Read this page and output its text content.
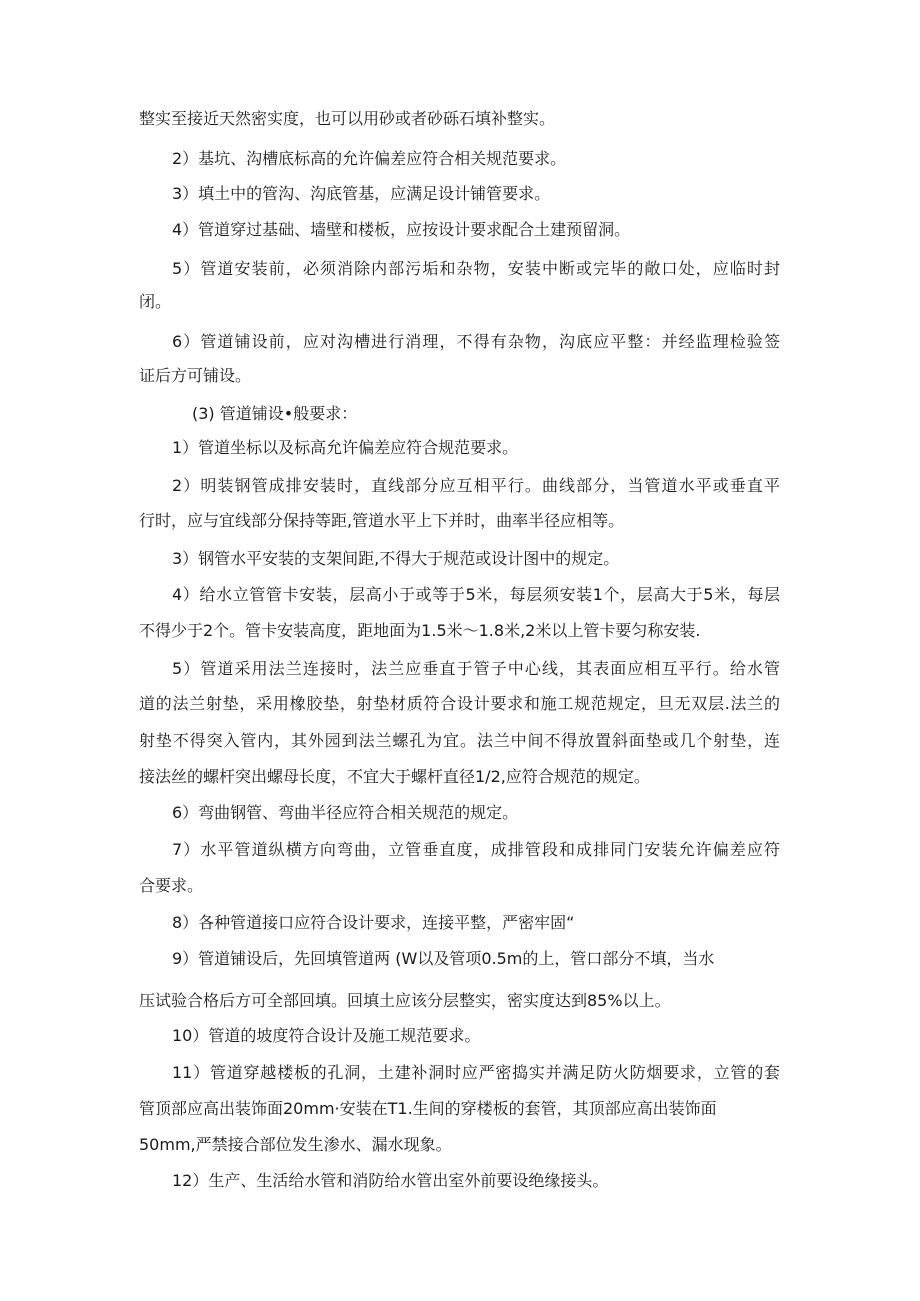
整实至接近天然密实度，也可以用砂或者砂砾石填补整实。
2）基坑、沟槽底标高的允许偏差应符合相关规范要求。
3）填土中的管沟、沟底管基，应满足设计铺管要求。
4）管道穿过基础、墙壁和楼板，应按设计要求配合土建预留洞。
5）管道安装前，必须消除内部污垢和杂物，安装中断或完毕的敞口处，应临时封
闭。
6）管道铺设前，应对沟槽进行消理，不得有杂物，沟底应平整：并经监理检验签
证后方可铺设。
(3) 管道铺设•般要求：
1）管道坐标以及标高允许偏差应符合规范要求。
2）明装钢管成排安装时，直线部分应互相平行。曲线部分，当管道水平或垂直平
行时，应与宜线部分保持等距,管道水平上下并时，曲率半径应相等。
3）钢管水平安装的支架间距,不得大于规范或设计图中的规定。
4）给水立管管卡安装，层高小于或等于5米，每层须安装1个，层高大于5米，每层
不得少于2个。管卡安装高度，距地面为1.5米～1.8米,2米以上管卡要匀称安装.
5）管道采用法兰连接时，法兰应垂直于管子中心线，其表面应相互平行。给水管
道的法兰射垫，采用橡胶垫，射垫材质符合设计要求和施工规范规定，旦无双层.法兰的
射垫不得突入管内，其外园到法兰螺孔为宜。法兰中间不得放置斜面垫或几个射垫，连
接法丝的螺杆突出螺母长度，不宜大于螺杆直径1/2,应符合规范的规定。
6）弯曲钢管、弯曲半径应符合相关规范的规定。
7）水平管道纵横方向弯曲，立管垂直度，成排管段和成排同门安装允许偏差应符
合要求。
8）各种管道接口应符合设计要求，连接平整，严密牢固“
9）管道铺设后，先回填管道两 (W以及管项0.5m的上，管口部分不填，当水
压试验合格后方可全部回填。回填土应该分层整实，密实度达到85%以上。
10）管道的坡度符合设计及施工规范要求。
11）管道穿越楼板的孔洞，土建补洞时应严密捣实并满足防火防烟要求，立管的套
管顶部应高出装饰面20mm·安装在T1.生间的穿楼板的套管，其顶部应高出装饰面
50mm,严禁接合部位发生渗水、漏水现象。
12）生产、生活给水管和消防给水管出室外前要设绝缘接头。
